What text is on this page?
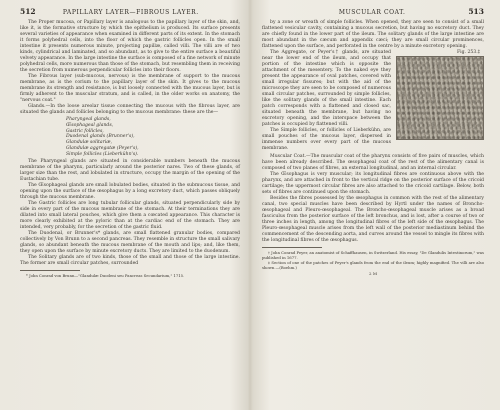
512	PAPILLARY LAYER—FIBROUS LAYER.

The Proper mucosa, or Papillary layer is analogous to the papillary layer of the skin, and, like it, is the formative structure by which the epithelium is produced. Its surface presents several varieties of appearance when examined in different parts of its extent. In the stomach it forms polyhedral cells, into the floor of which the gastric follicles open. In the small intestine it presents numerous minute, projecting papillæ, called villi. The villi are of two kinds, cylindrical and laminated, and so abundant, as to give to the entire surface a beautiful velvety appearance. In the large intestine the surface is composed of a fine network of minute polyhedral cells, more numerous than those of the stomach, but resembling them in receiving the secretion from numerous perpendicular follicles into their floors.

The Fibrous layer (sub-mucous, nervous) is the membrane of support to the mucous membrane, as is the corium to the papillary layer of the skin. It gives to the mucous membrane its strength and resistance, is but loosely connected with the mucous layer, but is firmly adherent to the muscular stratum, and is called, in the older works on anatomy, the "nervous coat."

Glands.—In the loose areolar tissue connecting the mucous with the fibrous layer, are situated the glands and follicles belonging to the mucous membrane: these are the—

Pharyngeal glands,
Œsophageal glands,
Gastric follicles,
Duodenal glands (Brunner's),
Glandulæ solitariæ,
Glandulæ aggregatæ (Peyer's),
Simple follicles (Lieberkühn's).

The Pharyngeal glands are situated in considerable numbers beneath the mucous membrane of the pharynx, particularly around the posterior nares. Two of these glands, of larger size than the rest, and lobulated in structure, occupy the margin of the opening of the Eustachian tube.

The Œsophageal glands are small lobulated bodies, situated in the submucous tissue, and opening upon the surface of the œsophagus by a long excretory duct, which passes obliquely through the mucous membrane.

The Gastric follicles are long tubular follicular glands, situated perpendicularly side by side in every part of the mucous membrane of the stomach. At their terminations they are dilated into small lateral pouches, which give them a cœcated appearance. This character is more clearly exhibited at the pyloric than at the cardiac end of the stomach. They are intended, very probably, for the secretion of the gastric fluid.

The Duodenal, or Brunner's* glands, are small flattened granular bodies, compared collectively by Von Brunn to a second pancreas. They resemble in structure the small salivary glands, so abundant beneath the mucous membrane of the mouth and lips; and, like them, they open upon the surface by minute excretory ducts. They are limited to the duodenum.

The Solitary glands are of two kinds, those of the small and those of the large intestine. The former are small circular patches, surrounded

* John Conrad von Brunn—"Glandulæ Duodeni seu Pancreas Secundarium," 1715.

MUSCULAR COAT.	513

by a zone or wreath of simple follicles. When opened, they are seen to consist of a small flattened vesicular cavity, containing a mucous secretion, but having no excretory duct. They are chiefly found in the lower part of the ileum. The solitary glands of the large intestine are most abundant in the cæcum and appendix cæci; they are small circular prominences, flattened upon the surface, and perforated in the centre by a minute excretory opening.

Fig. 253.‡

The Aggregate, or Peyer's† glands, are situated near the lower end of the ileum, and occupy that portion of the intestine which is opposite the attachment of the mesentery. To the naked eye they present the appearance of oval patches, covered with small irregular fissures; but with the aid of the microscope they are seen to be composed of numerous small circular patches, surrounded by simple follicles, like the solitary glands of the small intestine. Each patch corresponds with a flattened and closed sac, situated beneath the membrane, but having no excretory opening, and the interspace between the patches is occupied by flattened villi.

The Simple follicles, or follicles of Lieberkühn, are small pouches of the mucous layer, dispersed in immense numbers over every part of the mucous membrane.

Muscular Coat.—The muscular coat of the pharynx consists of five pairs of muscles, which have been already described. The œsophageal coat of the rest of the alimentary canal is composed of two planes of fibres, an external longitudinal, and an internal circular.

The Œsophagus is very muscular; its longitudinal fibres are continuous above with the pharynx, and are attached in front to the vertical ridge on the posterior surface of the cricoid cartilage; the uppermost circular fibres are also attached to the cricoid cartilage. Below, both sets of fibres are continued upon the stomach.

Besides the fibres possessed by the œsophagus in common with the rest of the alimentary canal, two special muscles have been described by Hyrtl under the names of Broncho-œsophageal and Pleuro-œsophageal. The Broncho-œsophageal muscle arises as a broad fasciculus from the posterior surface of the left bronchus, and is lost, after a course of two or three inches in length, among the longitudinal fibres of the left side of the œsophagus. The Pleuro-œsophageal muscle arises from the left wall of the posterior mediastinum behind the commencement of the descending aorta, and curves around the vessel to mingle its fibres with the longitudinal fibres of the œsophagus.

† John Conrad Peyer, an anatomist of Schaffhausen, in Switzerland. His essay, "De Glandulis Intestinorum," was published in 1677.

‡ Section of one of the patches of Peyer's glands from the end of the ileum; highly magnified. The villi are also shown.—(Boehm.)

2 M
